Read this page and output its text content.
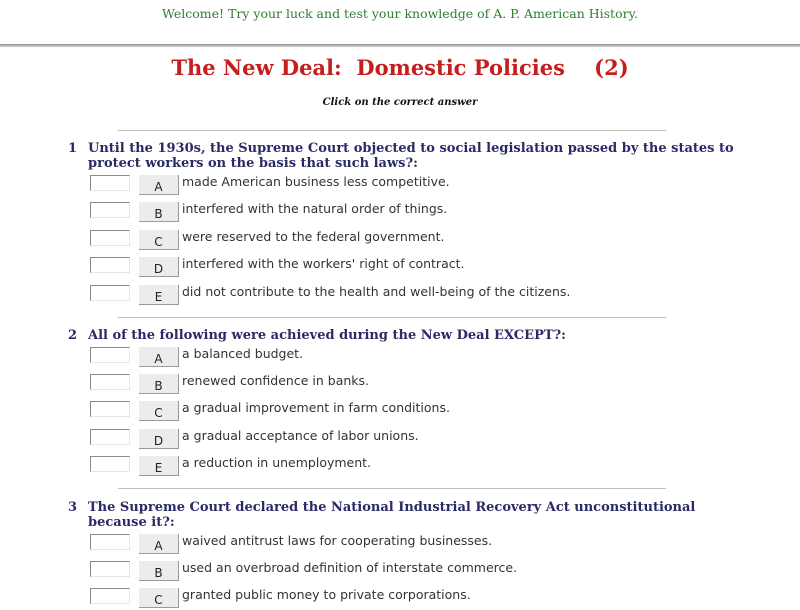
Welcome! Try your luck and test your knowledge of A. P. American History.
The New Deal:  Domestic Policies    (2)
Click on the correct answer
1 Until the 1930s, the Supreme Court objected to social legislation passed by the states to protect workers on the basis that such laws?:
A	made American business less competitive.
B	interfered with the natural order of things.
C	were reserved to the federal government.
D	interfered with the workers' right of contract.
E	did not contribute to the health and well-being of the citizens.
2 All of the following were achieved during the New Deal EXCEPT?:
A	a balanced budget.
B	renewed confidence in banks.
C	a gradual improvement in farm conditions.
D	a gradual acceptance of labor unions.
E	a reduction in unemployment.
3 The Supreme Court declared the National Industrial Recovery Act unconstitutional because it?:
A	waived antitrust laws for cooperating businesses.
B	used an overbroad definition of interstate commerce.
C	granted public money to private corporations.
